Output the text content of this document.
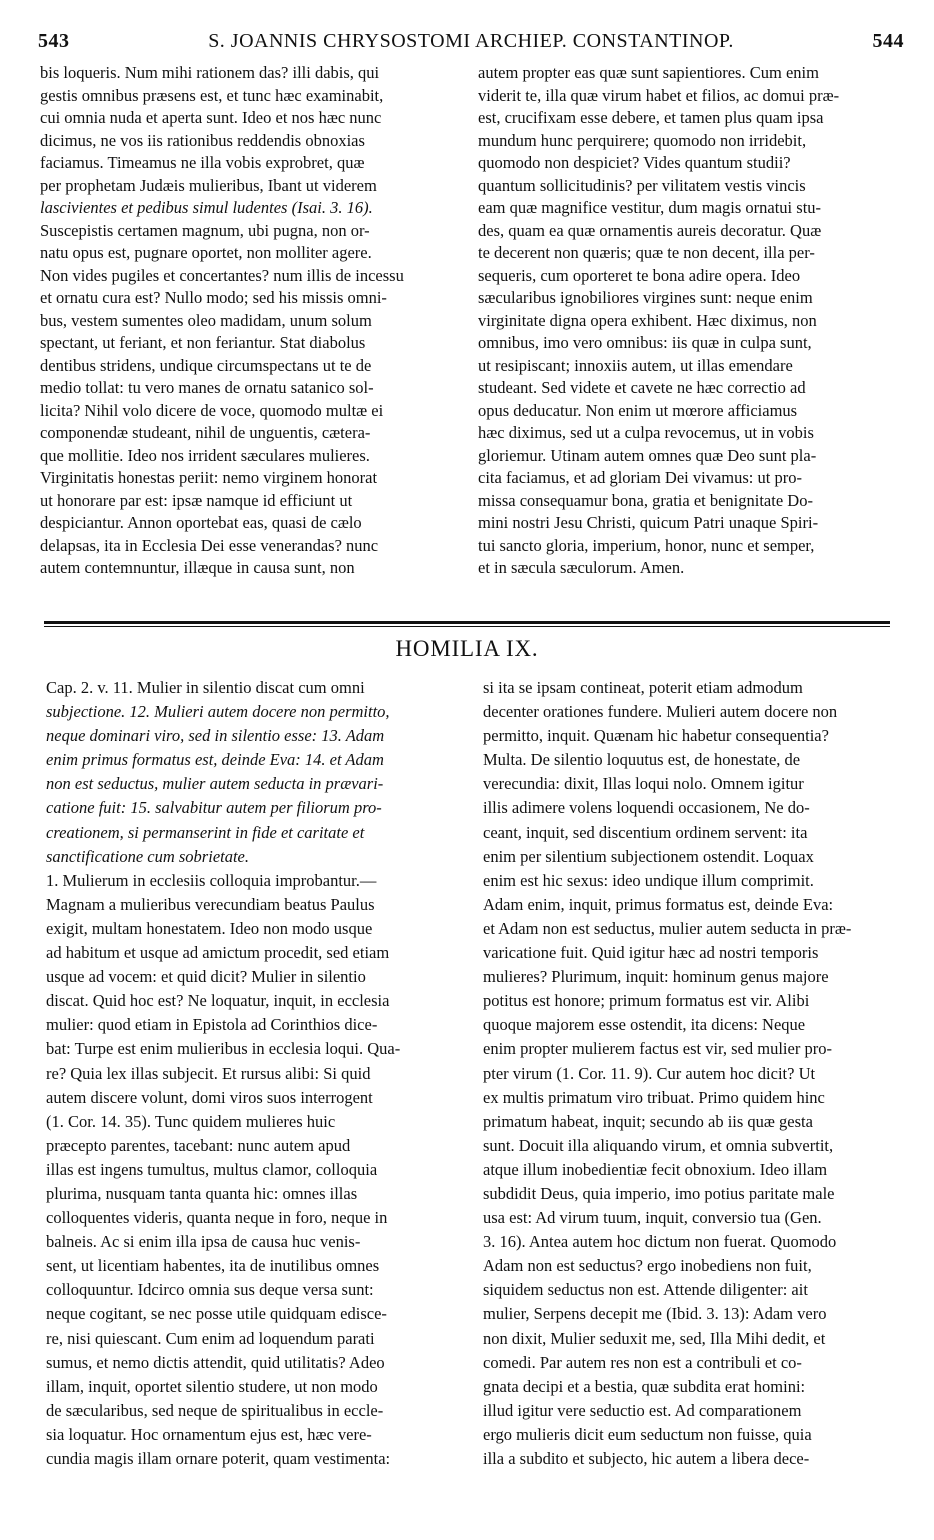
543	S. JOANNIS CHRYSOSTOMI ARCHIEP. CONSTANTINOP.	544
bis loqueris. Num mihi rationem das? illi dabis, qui
gestis omnibus præsens est, et tunc hæc examinabit,
cui omnia nuda et aperta sunt. Ideo et nos hæc nunc
dicimus, ne vos iis rationibus reddendis obnoxias
faciamus. Timeamus ne illa vobis exprobret, quæ
per prophetam Judæis mulieribus, Ibant ut viderem
lascivientes et pedibus simul ludentes (Isai. 3. 16).
Suscepistis certamen magnum, ubi pugna, non or-
natu opus est, pugnare oportet, non molliter agere.
Non vides pugiles et concertantes? num illis de incessu
et ornatu cura est? Nullo modo; sed his missis omni-
bus, vestem sumentes oleo madidam, unum solum
spectant, ut feriant, et non feriantur. Stat diabolus
dentibus stridens, undique circumspectans ut te de
medio tollat: tu vero manes de ornatu satanico sol-
licita? Nihil volo dicere de voce, quomodo multæ ei
componendæ studeant, nihil de unguentis, cætera-
que mollitie. Ideo nos irrident sæculares mulieres.
Virginitatis honestas periit: nemo virginem honorat
ut honorare par est: ipsæ namque id efficiunt ut
despiciantur. Annon oportebat eas, quasi de cælo
delapsas, ita in Ecclesia Dei esse venerandas? nunc
autem contemnuntur, illæque in causa sunt, non
autem propter eas quæ sunt sapientiores. Cum enim
viderit te, illa quæ virum habet et filios, ac domui præ-
est, crucifixam esse debere, et tamen plus quam ipsa
mundum hunc perquirere; quomodo non irridebit,
quomodo non despiciet? Vides quantum studii?
quantum sollicitudinis? per vilitatem vestis vincis
eam quæ magnifice vestitur, dum magis ornatui stu-
des, quam ea quæ ornamentis aureis decoratur. Quæ
te decerent non quæris; quæ te non decent, illa per-
sequeris, cum oporteret te bona adire opera. Ideo
sæcularibus ignobiliores virgines sunt: neque enim
virginitate digna opera exhibent. Hæc diximus, non
omnibus, imo vero omnibus: iis quæ in culpa sunt,
ut resipiscant; innoxiis autem, ut illas emendare
studeant. Sed videte et cavete ne hæc correctio ad
opus deducatur. Non enim ut mœrore afficiamus
hæc diximus, sed ut a culpa revocemus, ut in vobis
gloriemur. Utinam autem omnes quæ Deo sunt pla-
cita faciamus, et ad gloriam Dei vivamus: ut pro-
missa consequamur bona, gratia et benignitate Do-
mini nostri Jesu Christi, quicum Patri unaque Spiri-
tui sancto gloria, imperium, honor, nunc et semper,
et in sæcula sæculorum. Amen.
HOMILIA IX.
Cap. 2. v. 11. Mulier in silentio discat cum omni
subjectione. 12. Mulieri autem docere non permitto,
neque dominari viro, sed in silentio esse: 13. Adam
enim primus formatus est, deinde Eva: 14. et Adam
non est seductus, mulier autem seducta in prævari-
catione fuit: 15. salvabitur autem per filiorum pro-
creationem, si permanserint in fide et caritate et
sanctificatione cum sobrietate.
1. Mulierum in ecclesiis colloquia improbantur.—
Magnam a mulieribus verecundiam beatus Paulus
exigit, multam honestatem. Ideo non modo usque
ad habitum et usque ad amictum procedit, sed etiam
usque ad vocem: et quid dicit? Mulier in silentio
discat. Quid hoc est? Ne loquatur, inquit, in ecclesia
mulier: quod etiam in Epistola ad Corinthios dice-
bat: Turpe est enim mulieribus in ecclesia loqui. Qua-
re? Quia lex illas subjecit. Et rursus alibi: Si quid
autem discere volunt, domi viros suos interrogent
(1. Cor. 14. 35). Tunc quidem mulieres huic
præcepto parentes, tacebant: nunc autem apud
illas est ingens tumultus, multus clamor, colloquia
plurima, nusquam tanta quanta hic: omnes illas
colloquentes videris, quanta neque in foro, neque in
balneis. Ac si enim illa ipsa de causa huc venis-
sent, ut licentiam habentes, ita de inutilibus omnes
colloquuntur. Idcirco omnia sus deque versa sunt:
neque cogitant, se nec posse utile quidquam edisce-
re, nisi quiescant. Cum enim ad loquendum parati
sumus, et nemo dictis attendit, quid utilitatis? Adeo
illam, inquit, oportet silentio studere, ut non modo
de sæcularibus, sed neque de spiritualibus in eccle-
sia loquatur. Hoc ornamentum ejus est, hæc vere-
cundia magis illam ornare poterit, quam vestimenta:
si ita se ipsam contineat, poterit etiam admodum
decenter orationes fundere. Mulieri autem docere non
permitto, inquit. Quænam hic habetur consequentia?
Multa. De silentio loquutus est, de honestate, de
verecundia: dixit, Illas loqui nolo. Omnem igitur
illis adimere volens loquendi occasionem, Ne do-
ceant, inquit, sed discentium ordinem servent: ita
enim per silentium subjectionem ostendit. Loquax
enim est hic sexus: ideo undique illum comprimit.
Adam enim, inquit, primus formatus est, deinde Eva:
et Adam non est seductus, mulier autem seducta in præ-
varicatione fuit. Quid igitur hæc ad nostri temporis
mulieres? Plurimum, inquit: hominum genus majore
potitus est honore; primum formatus est vir. Alibi
quoque majorem esse ostendit, ita dicens: Neque
enim propter mulierem factus est vir, sed mulier pro-
pter virum (1. Cor. 11. 9). Cur autem hoc dicit? Ut
ex multis primatum viro tribuat. Primo quidem hinc
primatum habeat, inquit; secundo ab iis quæ gesta
sunt. Docuit illa aliquando virum, et omnia subvertit,
atque illum inobedientiæ fecit obnoxium. Ideo illam
subdidit Deus, quia imperio, imo potius paritate male
usa est: Ad virum tuum, inquit, conversio tua (Gen.
3. 16). Antea autem hoc dictum non fuerat. Quomodo
Adam non est seductus? ergo inobediens non fuit,
siquidem seductus non est. Attende diligenter: ait
mulier, Serpens decepit me (Ibid. 3. 13): Adam vero
non dixit, Mulier seduxit me, sed, Illa Mihi dedit, et
comedi. Par autem res non est a contribuli et co-
gnata decipi et a bestia, quæ subdita erat homini:
illud igitur vere seductio est. Ad comparationem
ergo mulieris dicit eum seductum non fuisse, quia
illa a subdito et subjecto, hic autem a libera dece-
